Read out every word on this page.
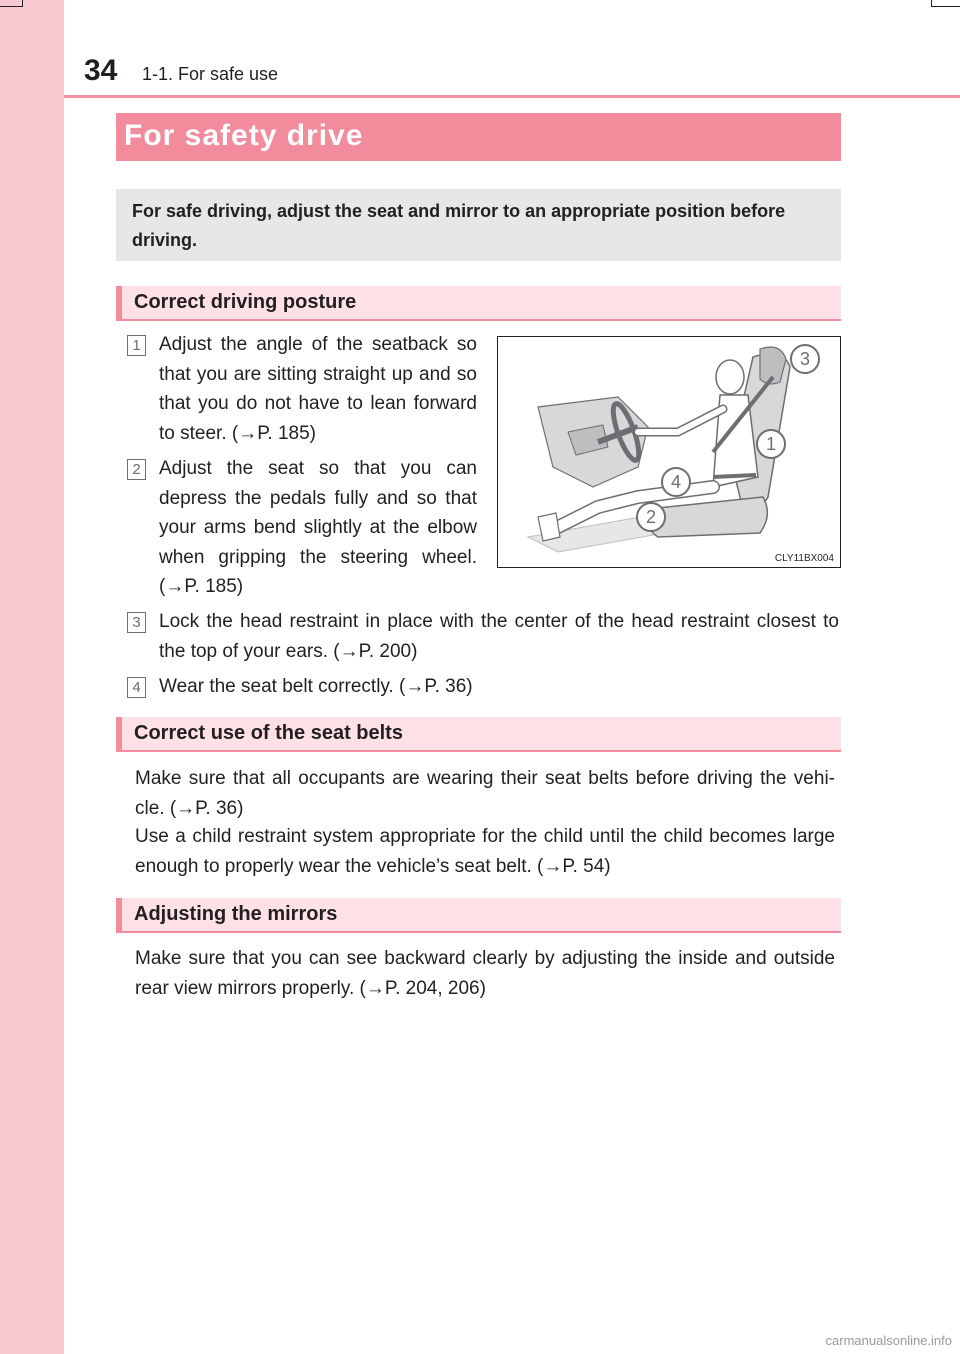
34 1-1. For safe use
For safety drive
For safe driving, adjust the seat and mirror to an appropriate position before driving.
Correct driving posture
1 Adjust the angle of the seatback so that you are sitting straight up and so that you do not have to lean forward to steer. (→P. 185)
2 Adjust the seat so that you can depress the pedals fully and so that your arms bend slightly at the elbow when gripping the steering wheel. (→P. 185)
3 Lock the head restraint in place with the center of the head restraint closest to the top of your ears. (→P. 200)
4 Wear the seat belt correctly. (→P. 36)
3
1
4
2
CLY11BX004
Correct use of the seat belts
Make sure that all occupants are wearing their seat belts before driving the vehi-cle. (→P. 36)
Use a child restraint system appropriate for the child until the child becomes large enough to properly wear the vehicle’s seat belt. (→P. 54)
Adjusting the mirrors
Make sure that you can see backward clearly by adjusting the inside and outside rear view mirrors properly. (→P. 204, 206)
carmanualsonline.info
